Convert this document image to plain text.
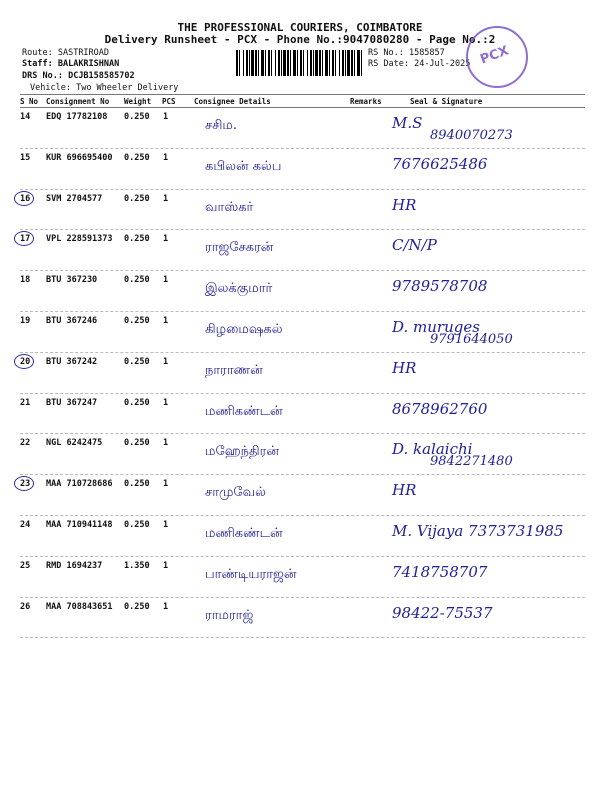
THE PROFESSIONAL COURIERS, COIMBATORE
Delivery Runsheet - PCX - Phone No.:9047080280 - Page No.:2
Route: SASTRIROAD
Staff: BALAKRISHNAN
DRS No.: DCJB158585702
Vehicle: Two Wheeler Delivery
RS No.: 1585857
RS Date: 24-Jul-2025 PCX
S No Consignment No Weight PCS Consignee Details	Remarks	Seal & Signature
14 EDQ 17782108 0.250 1
சசிம.	M.S
8940070273
15 KUR 696695400 0.250 1
கபிலன் கல்ப	7676625486
16 SVM 2704577	0.250 1
வாஸ்கர்	HR
17 VPL 228591373 0.250 1
ராஜசேகரன்	C/N/P
18 BTU 367230	0.250 1
இலக்குமார்	9789578708
19 BTU 367246	0.250 1
கிழமைஷகல்	D. muruges
9791644050
20 BTU 367242	0.250 1
நாராணன்	HR
21 BTU 367247	0.250 1
மணிகண்டன்	8678962760
22 NGL 6242475	0.250 1
மஹேந்திரன்	D. kalaichi
9842271480
23 MAA 710728686 0.250 1
சாமுவேல்	HR
24 MAA 710941148 0.250 1
மணிகண்டன்	M. Vijaya 7373731985
25 RMD 1694237	1.350 1
பாண்டியராஜன்	7418758707
26 MAA 708843651 0.250 1
ராமராஜ்	98422-75537
